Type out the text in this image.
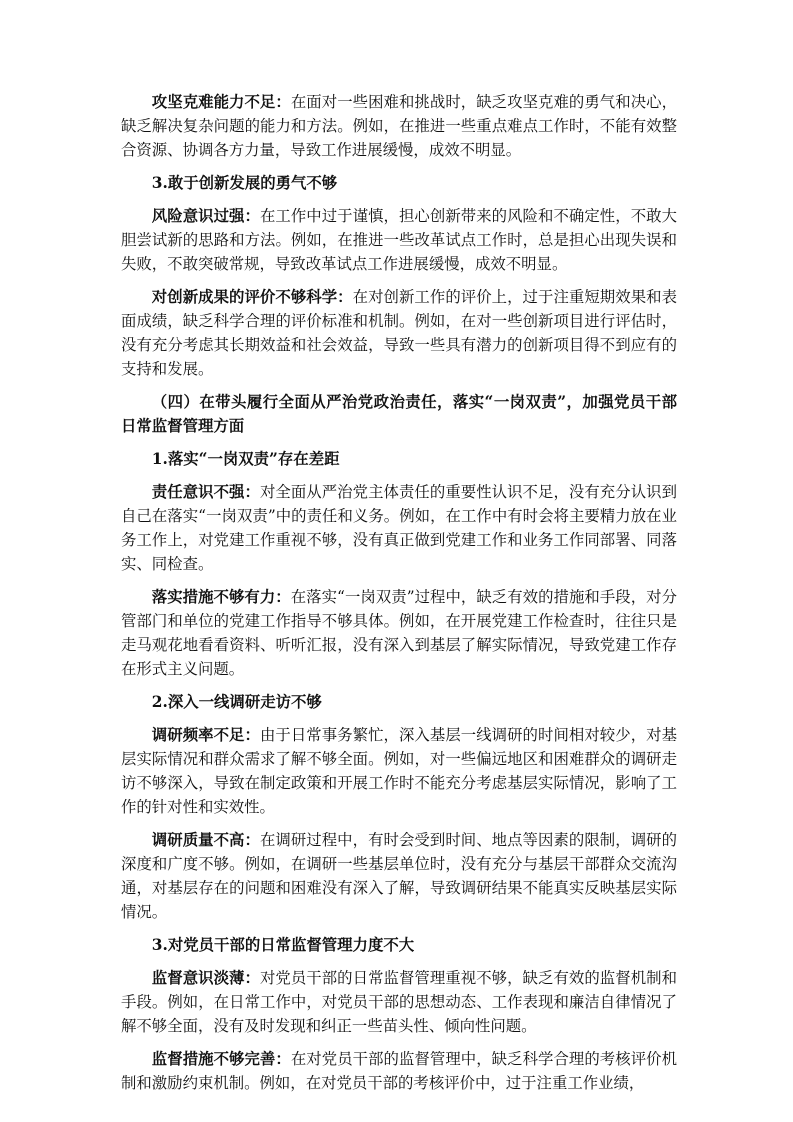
攻坚克难能力不足：在面对一些困难和挑战时，缺乏攻坚克难的勇气和决心，缺乏解决复杂问题的能力和方法。例如，在推进一些重点难点工作时，不能有效整合资源、协调各方力量，导致工作进展缓慢，成效不明显。

3.敢于创新发展的勇气不够

风险意识过强：在工作中过于谨慎，担心创新带来的风险和不确定性，不敢大胆尝试新的思路和方法。例如，在推进一些改革试点工作时，总是担心出现失误和失败，不敢突破常规，导致改革试点工作进展缓慢，成效不明显。

对创新成果的评价不够科学：在对创新工作的评价上，过于注重短期效果和表面成绩，缺乏科学合理的评价标准和机制。例如，在对一些创新项目进行评估时，没有充分考虑其长期效益和社会效益，导致一些具有潜力的创新项目得不到应有的支持和发展。

（四）在带头履行全面从严治党政治责任，落实“一岗双责”，加强党员干部日常监督管理方面
1.落实“一岗双责”存在差距

责任意识不强：对全面从严治党主体责任的重要性认识不足，没有充分认识到自己在落实“一岗双责”中的责任和义务。例如，在工作中有时会将主要精力放在业务工作上，对党建工作重视不够，没有真正做到党建工作和业务工作同部署、同落实、同检查。

落实措施不够有力：在落实“一岗双责”过程中，缺乏有效的措施和手段，对分管部门和单位的党建工作指导不够具体。例如，在开展党建工作检查时，往往只是走马观花地看看资料、听听汇报，没有深入到基层了解实际情况，导致党建工作存在形式主义问题。

2.深入一线调研走访不够

调研频率不足：由于日常事务繁忙，深入基层一线调研的时间相对较少，对基层实际情况和群众需求了解不够全面。例如，对一些偏远地区和困难群众的调研走访不够深入，导致在制定政策和开展工作时不能充分考虑基层实际情况，影响了工作的针对性和实效性。

调研质量不高：在调研过程中，有时会受到时间、地点等因素的限制，调研的深度和广度不够。例如，在调研一些基层单位时，没有充分与基层干部群众交流沟通，对基层存在的问题和困难没有深入了解，导致调研结果不能真实反映基层实际情况。

3.对党员干部的日常监督管理力度不大

监督意识淡薄：对党员干部的日常监督管理重视不够，缺乏有效的监督机制和手段。例如，在日常工作中，对党员干部的思想动态、工作表现和廉洁自律情况了解不够全面，没有及时发现和纠正一些苗头性、倾向性问题。

监督措施不够完善：在对党员干部的监督管理中，缺乏科学合理的考核评价机制和激励约束机制。例如，在对党员干部的考核评价中，过于注重工作业绩，
